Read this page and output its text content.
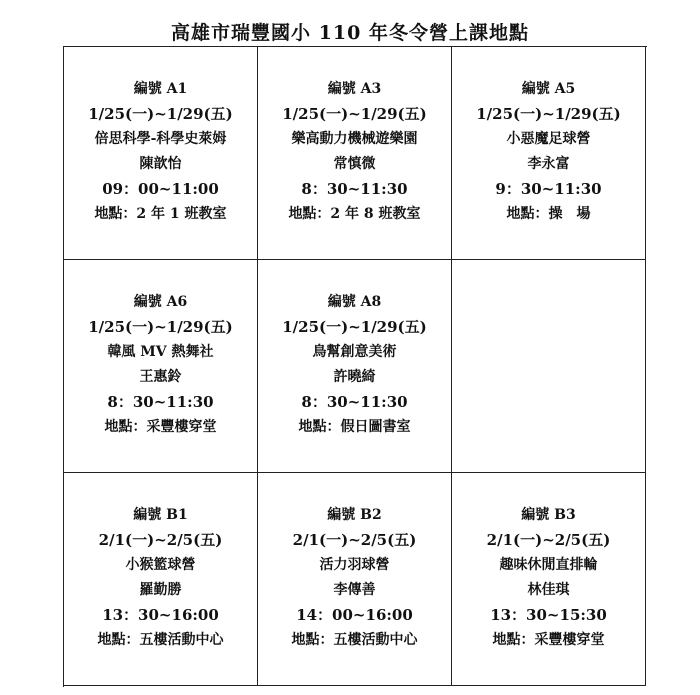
高雄市瑞豐國小 110 年冬令營上課地點
編號 A1
1/25(一)~1/29(五)
倍思科學-科學史萊姆
陳歆怡
09：00~11:00
地點：2 年 1 班教室
編號 A3
1/25(一)~1/29(五)
樂高動力機械遊樂園
常慎微
8：30~11:30
地點：2 年 8 班教室
編號 A5
1/25(一)~1/29(五)
小惡魔足球營
李永富
9：30~11:30
地點：操　場
編號 A6
1/25(一)~1/29(五)
韓風 MV 熱舞社
王惠鈴
8：30~11:30
地點：采豐樓穿堂
編號 A8
1/25(一)~1/29(五)
鳥幫創意美術
許曉綺
8：30~11:30
地點：假日圖書室
編號 B1
2/1(一)~2/5(五)
小猴籃球營
羅勤勝
13：30~16:00
地點：五樓活動中心
編號 B2
2/1(一)~2/5(五)
活力羽球營
李傳善
14：00~16:00
地點：五樓活動中心
編號 B3
2/1(一)~2/5(五)
趣味休閒直排輪
林佳琪
13：30~15:30
地點：采豐樓穿堂
